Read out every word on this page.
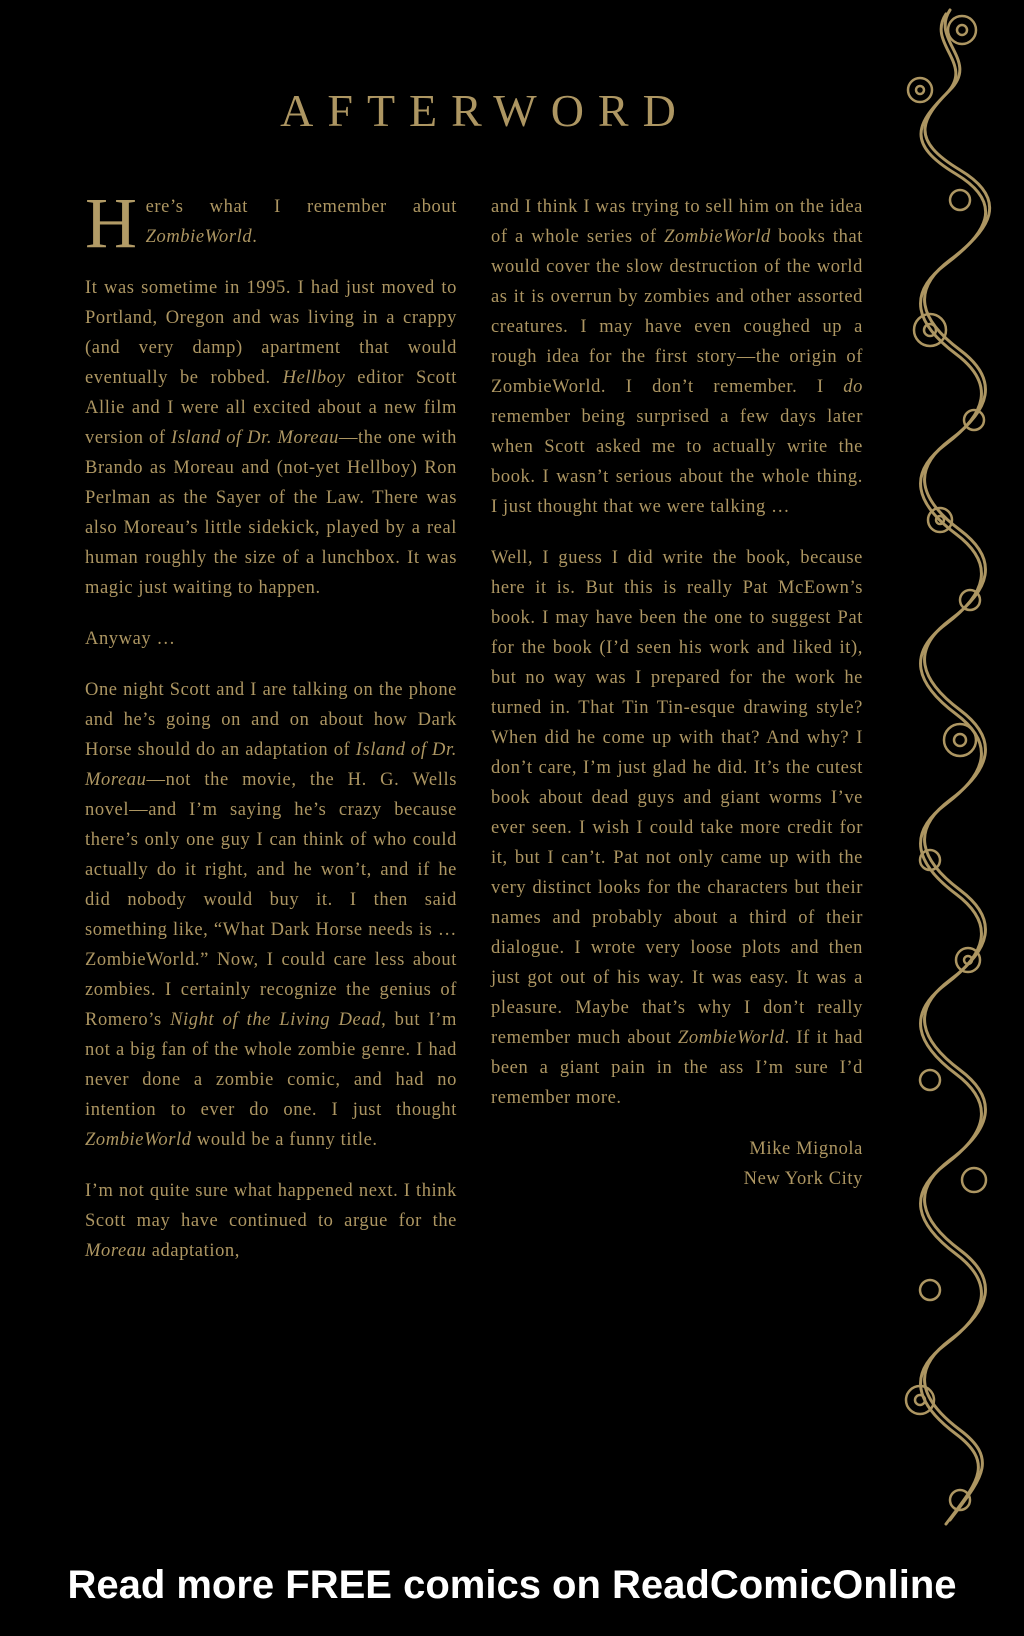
AFTERWORD

Here’s what I remember about ZombieWorld.

It was sometime in 1995. I had just moved to Portland, Oregon and was living in a crappy (and very damp) apartment that would eventually be robbed. Hellboy editor Scott Allie and I were all excited about a new film version of Island of Dr. Moreau—the one with Brando as Moreau and (not-yet Hellboy) Ron Perlman as the Sayer of the Law. There was also Moreau’s little sidekick, played by a real human roughly the size of a lunchbox. It was magic just waiting to happen.

Anyway …

One night Scott and I are talking on the phone and he’s going on and on about how Dark Horse should do an adaptation of Island of Dr. Moreau—not the movie, the H. G. Wells novel—and I’m saying he’s crazy because there’s only one guy I can think of who could actually do it right, and he won’t, and if he did nobody would buy it. I then said something like, “What Dark Horse needs is … ZombieWorld.” Now, I could care less about zombies. I certainly recognize the genius of Romero’s Night of the Living Dead, but I’m not a big fan of the whole zombie genre. I had never done a zombie comic, and had no intention to ever do one. I just thought ZombieWorld would be a funny title.

I’m not quite sure what happened next. I think Scott may have continued to argue for the Moreau adaptation,

and I think I was trying to sell him on the idea of a whole series of ZombieWorld books that would cover the slow destruction of the world as it is overrun by zombies and other assorted creatures. I may have even coughed up a rough idea for the first story—the origin of ZombieWorld. I don’t remember. I do remember being surprised a few days later when Scott asked me to actually write the book. I wasn’t serious about the whole thing. I just thought that we were talking …

Well, I guess I did write the book, because here it is. But this is really Pat McEown’s book. I may have been the one to suggest Pat for the book (I’d seen his work and liked it), but no way was I prepared for the work he turned in. That Tin Tin-esque drawing style? When did he come up with that? And why? I don’t care, I’m just glad he did. It’s the cutest book about dead guys and giant worms I’ve ever seen. I wish I could take more credit for it, but I can’t. Pat not only came up with the very distinct looks for the characters but their names and probably about a third of their dialogue. I wrote very loose plots and then just got out of his way. It was easy. It was a pleasure. Maybe that’s why I don’t really remember much about ZombieWorld. If it had been a giant pain in the ass I’m sure I’d remember more.

Mike Mignola
New York City
Read more FREE comics on ReadComicOnline
